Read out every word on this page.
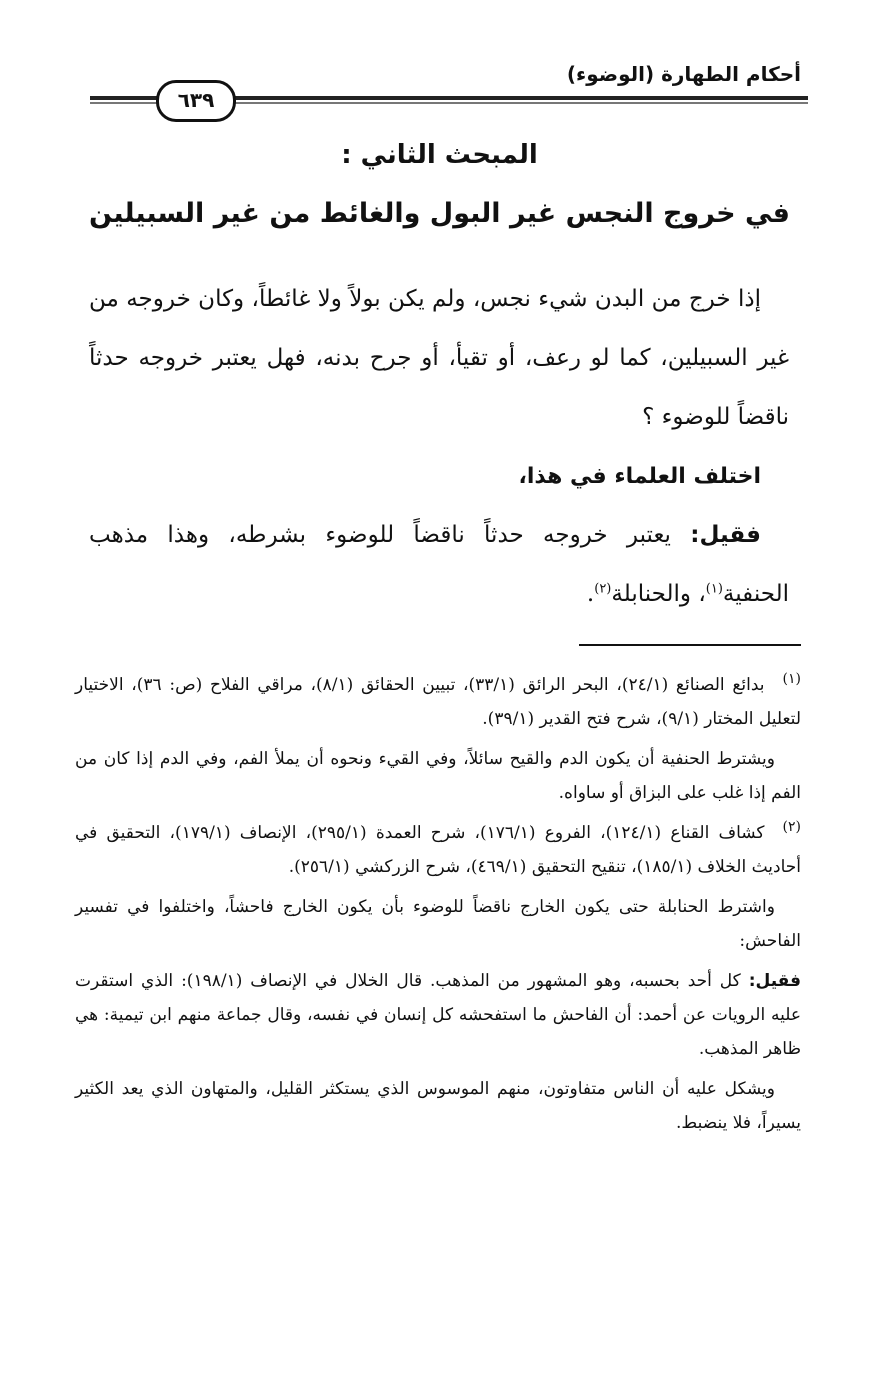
أحكام الطهارة (الوضوء)
٦٣٩
المبحث الثاني :
في خروج النجس غير البول والغائط من غير السبيلين

إذا خرج من البدن شيء نجس، ولم يكن بولاً ولا غائطاً، وكان خروجه من غير السبيلين، كما لو رعف، أو تقيأ، أو جرح بدنه، فهل يعتبر خروجه حدثاً ناقضاً للوضوء ؟

اختلف العلماء في هذا،

فقيل: يعتبر خروجه حدثاً ناقضاً للوضوء بشرطه، وهذا مذهب الحنفية$^{(١)}$، والحنابلة$^{(٢)}$.

$^{(١)}$بدائع الصنائع (٢٤/١)، البحر الرائق (٣٣/١)، تبيين الحقائق (٨/١)، مراقي الفلاح (ص: ٣٦)، الاختيار لتعليل المختار (٩/١)، شرح فتح القدير (٣٩/١).

ويشترط الحنفية أن يكون الدم والقيح سائلاً، وفي القيء ونحوه أن يملأ الفم، وفي الدم إذا كان من الفم إذا غلب على البزاق أو ساواه.

$^{(٢)}$كشاف القناع (١٢٤/١)، الفروع (١٧٦/١)، شرح العمدة (٢٩٥/١)، الإنصاف (١٧٩/١)، التحقيق في أحاديث الخلاف (١٨٥/١)، تنقيح التحقيق (٤٦٩/١)، شرح الزركشي (٢٥٦/١).

واشترط الحنابلة حتى يكون الخارج ناقضاً للوضوء بأن يكون الخارج فاحشاً، واختلفوا في تفسير الفاحش:

فقيل: كل أحد بحسبه، وهو المشهور من المذهب. قال الخلال في الإنصاف (١٩٨/١): الذي استقرت عليه الرويات عن أحمد: أن الفاحش ما استفحشه كل إنسان في نفسه، وقال جماعة منهم ابن تيمية: هي ظاهر المذهب.

ويشكل عليه أن الناس متفاوتون، منهم الموسوس الذي يستكثر القليل، والمتهاون الذي يعد الكثير يسيراً، فلا ينضبط.
